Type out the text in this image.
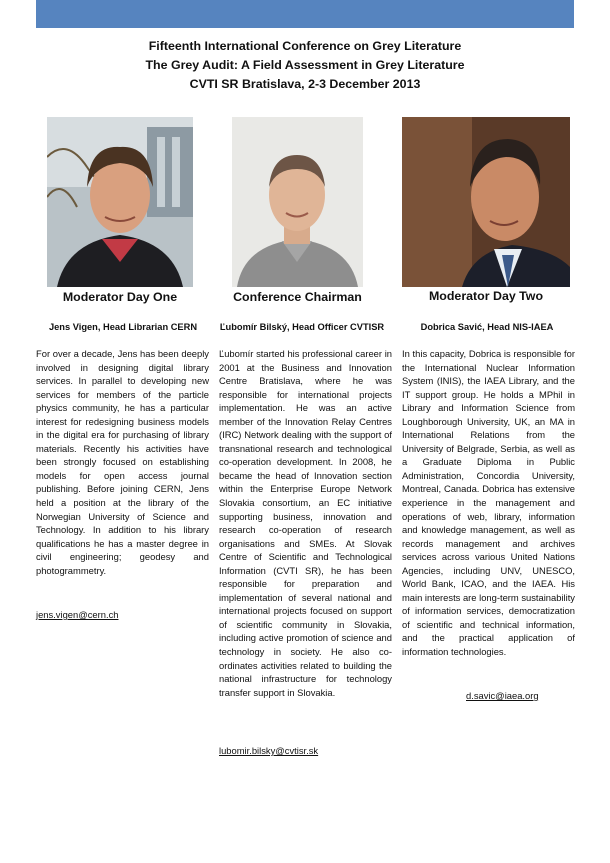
Fifteenth International Conference on Grey Literature
The Grey Audit: A Field Assessment in Grey Literature
CVTI SR Bratislava, 2-3 December 2013
Moderator Day One	Conference Chairman	Moderator Day Two
Jens Vigen, Head Librarian CERN	Ľubomír Bilský, Head Officer CVTISR	Dobrica Savić, Head NIS-IAEA

For over a decade, Jens has been deeply involved in designing digital library services. In parallel to developing new services for members of the particle physics community, he has a particular interest for redesigning business models in the digital era for purchasing of library materials. Recently his activities have been strongly focused on establishing models for open access journal publishing. Before joining CERN, Jens held a position at the library of the Norwegian University of Science and Technology. In addition to his library qualifications he has a master degree in civil engineering; geodesy and photogrammetry.

jens.vigen@cern.ch

Ľubomír started his professional career in 2001 at the Business and Innovation Centre Bratislava, where he was responsible for international projects implementation. He was an active member of the Innovation Relay Centres (IRC) Network dealing with the support of transnational research and technological co-operation development. In 2008, he became the head of Innovation section within the Enterprise Europe Network Slovakia consortium, an EC initiative supporting business, innovation and research co-operation of research organisations and SMEs. At Slovak Centre of Scientific and Technological Information (CVTI SR), he has been responsible for preparation and implementation of several national and international projects focused on support of scientific community in Slovakia, including active promotion of science and technology in society. He also co-ordinates activities related to building the national infrastructure for technology transfer support in Slovakia.

lubomir.bilsky@cvtisr.sk

In this capacity, Dobrica is responsible for the International Nuclear Information System (INIS), the IAEA Library, and the IT support group. He holds a MPhil in Library and Information Science from Loughborough University, UK, an MA in International Relations from the University of Belgrade, Serbia, as well as a Graduate Diploma in Public Administration, Concordia University, Montreal, Canada. Dobrica has extensive experience in the management and operations of web, library, information and knowledge management, as well as records management and archives services across various United Nations Agencies, including UNV, UNESCO, World Bank, ICAO, and the IAEA. His main interests are long-term sustainability of information services, democratization of scientific and technical information, and the practical application of information technologies.

d.savic@iaea.org
